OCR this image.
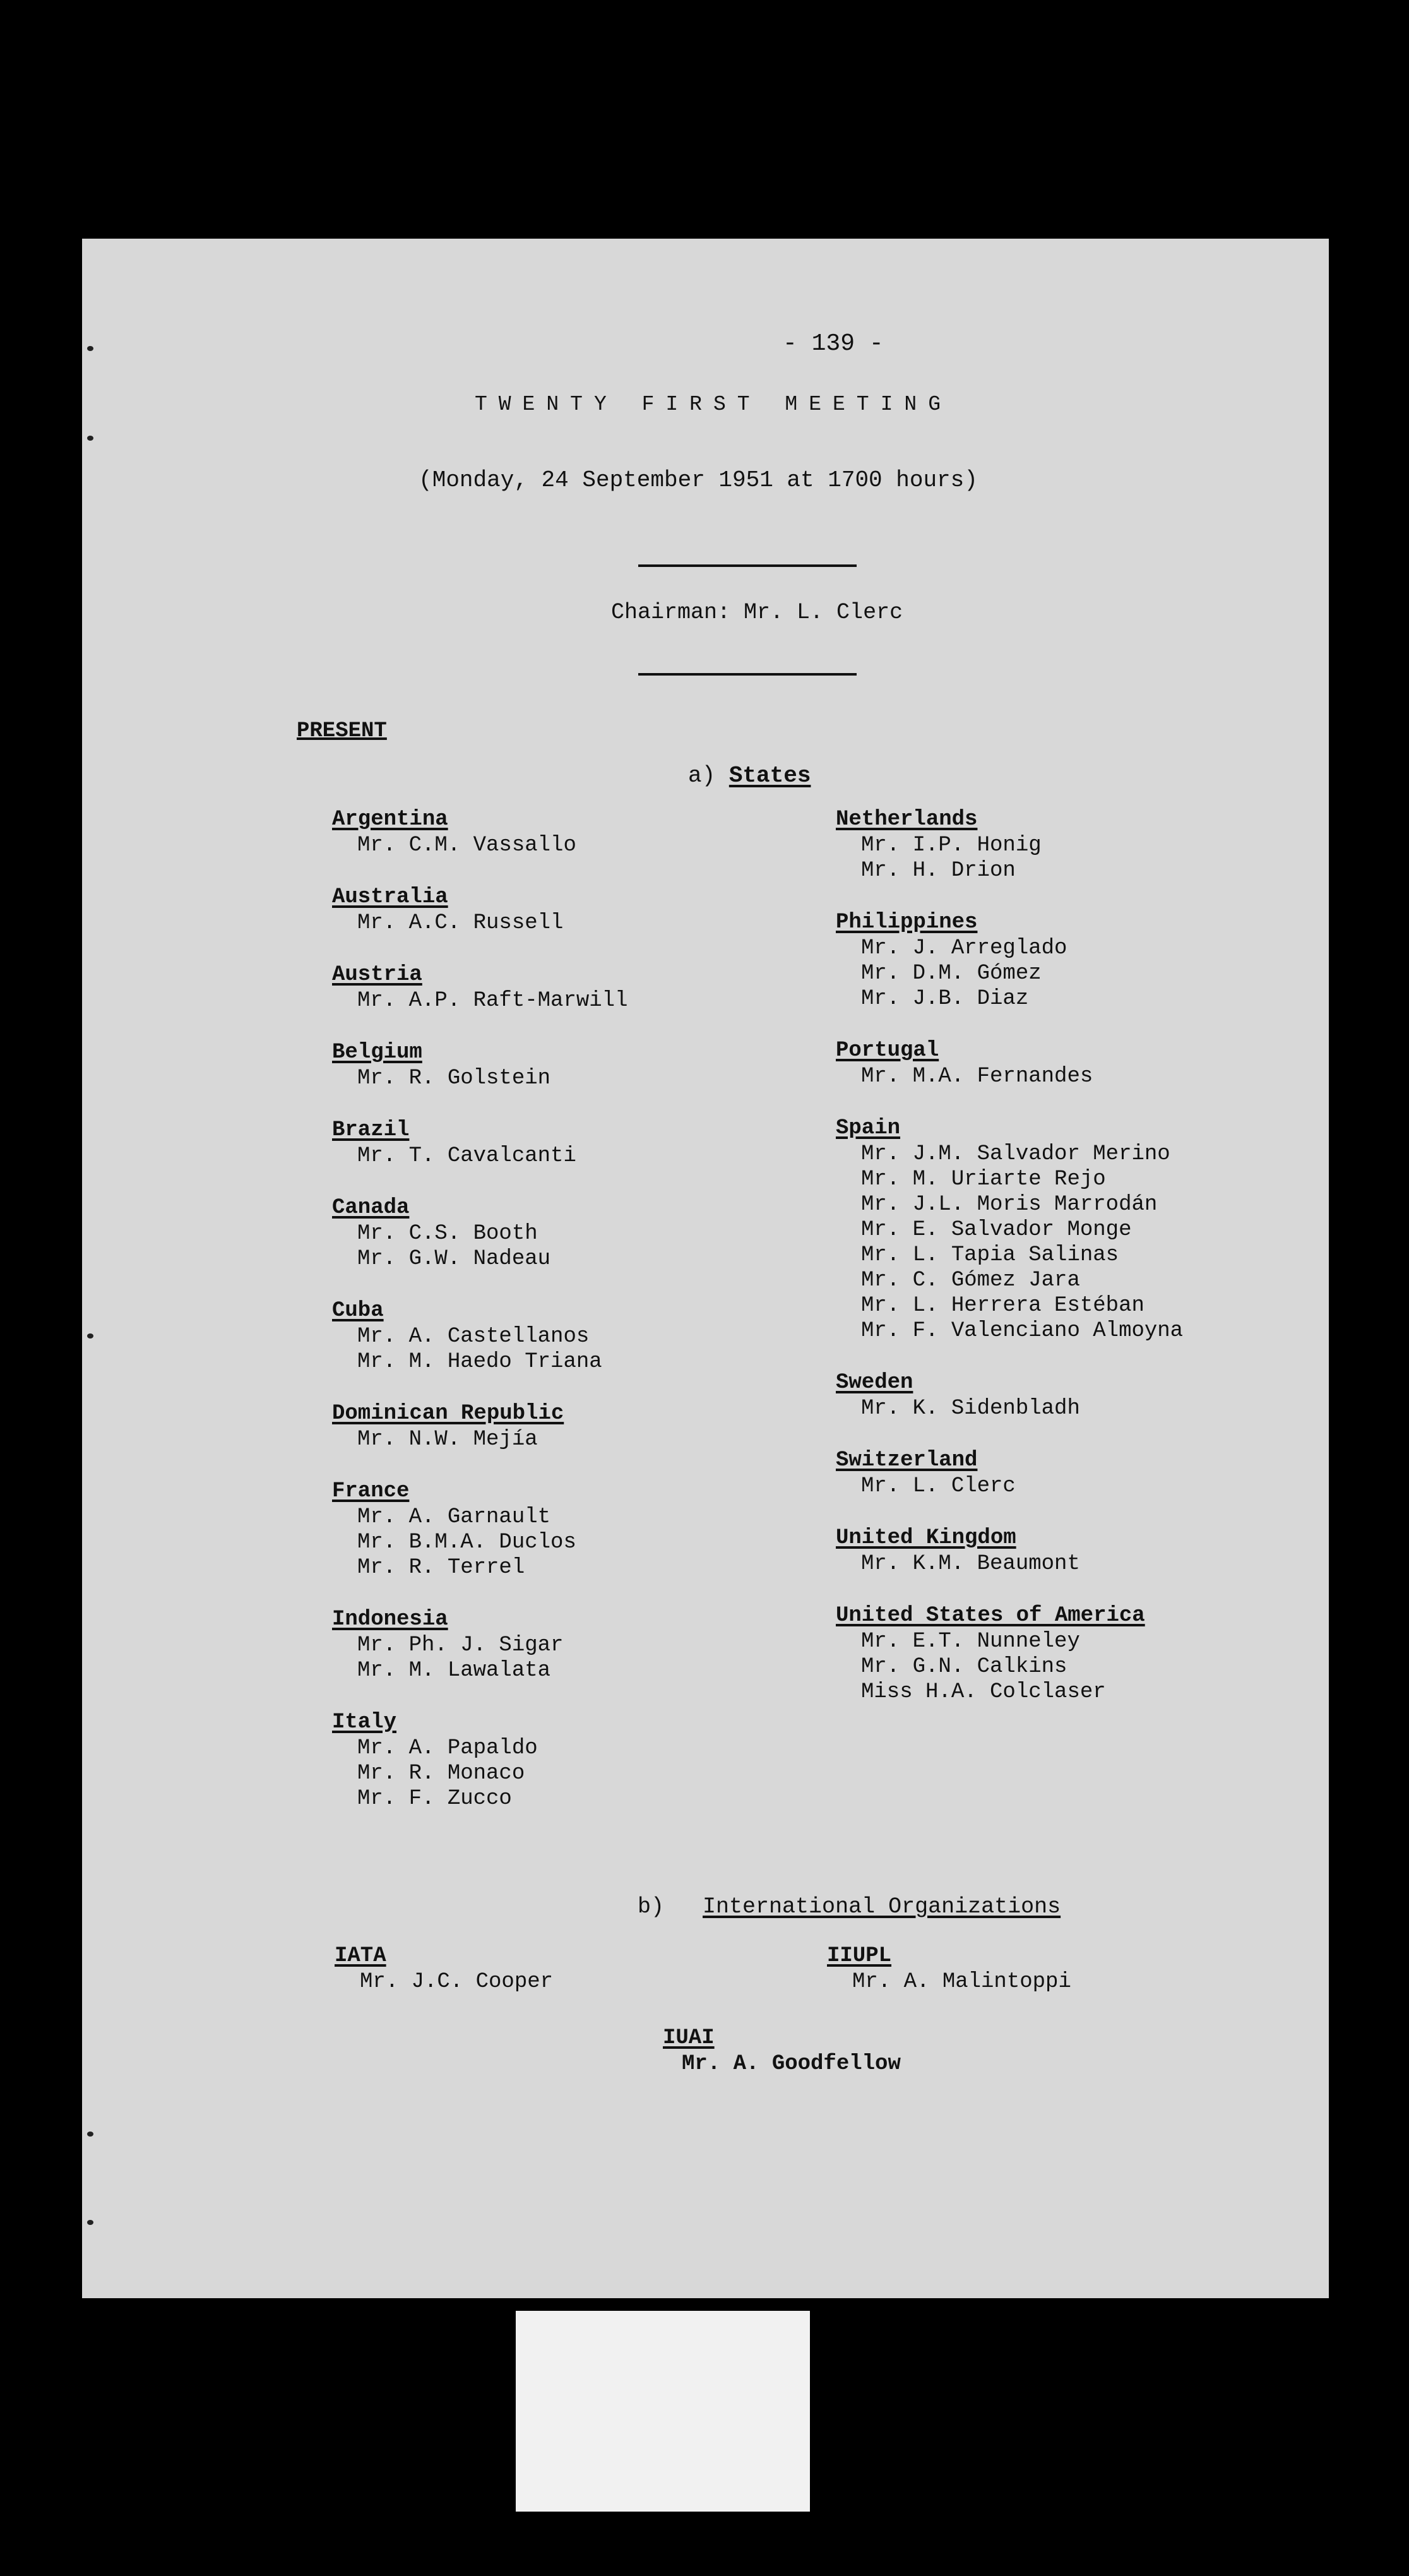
- 139 -
TWENTY FIRST MEETING
(Monday, 24 September 1951 at 1700 hours)
Chairman: Mr. L. Clerc
PRESENT
a) States
Argentina
Mr. C.M. Vassallo
Australia
Mr. A.C. Russell
Austria
Mr. A.P. Raft-Marwill
Belgium
Mr. R. Golstein
Brazil
Mr. T. Cavalcanti
Canada
Mr. C.S. Booth
Mr. G.W. Nadeau
Cuba
Mr. A. Castellanos
Mr. M. Haedo Triana
Dominican Republic
Mr. N.W. Mejía
France
Mr. A. Garnault
Mr. B.M.A. Duclos
Mr. R. Terrel
Indonesia
Mr. Ph. J. Sigar
Mr. M. Lawalata
Italy
Mr. A. Papaldo
Mr. R. Monaco
Mr. F. Zucco
Netherlands
Mr. I.P. Honig
Mr. H. Drion
Philippines
Mr. J. Arreglado
Mr. D.M. Gómez
Mr. J.B. Diaz
Portugal
Mr. M.A. Fernandes
Spain
Mr. J.M. Salvador Merino
Mr. M. Uriarte Rejo
Mr. J.L. Moris Marrodán
Mr. E. Salvador Monge
Mr. L. Tapia Salinas
Mr. C. Gómez Jara
Mr. L. Herrera Estéban
Mr. F. Valenciano Almoyna
Sweden
Mr. K. Sidenbladh
Switzerland
Mr. L. Clerc
United Kingdom
Mr. K.M. Beaumont
United States of America
Mr. E.T. Nunneley
Mr. G.N. Calkins
Miss H.A. Colclaser
b) International Organizations
IATA
Mr. J.C. Cooper
IIUPL
Mr. A. Malintoppi
IUAI
Mr. A. Goodfellow
